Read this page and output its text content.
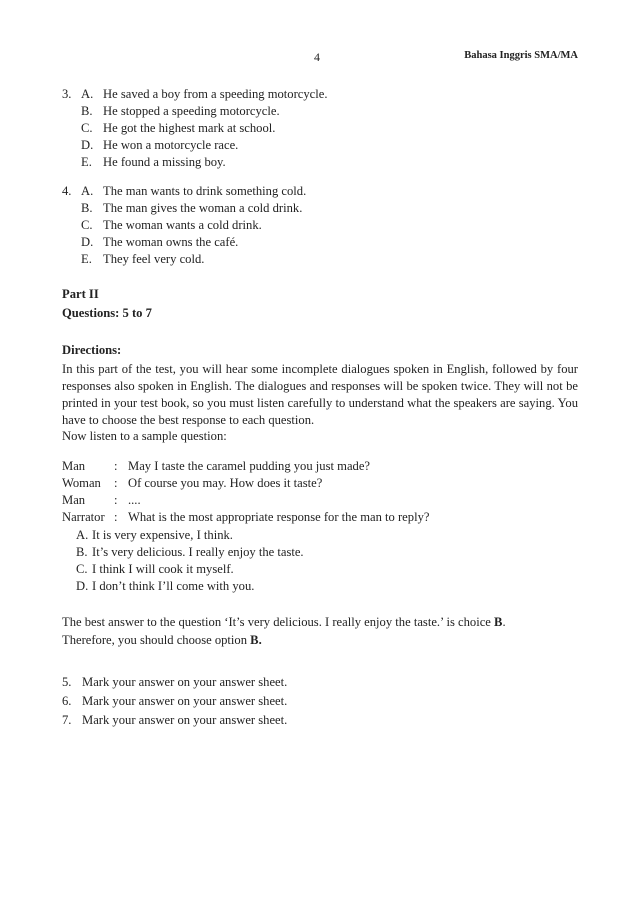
4	Bahasa Inggris SMA/MA
3. A. He saved a boy from a speeding motorcycle.
B. He stopped a speeding motorcycle.
C. He got the highest mark at school.
D. He won a motorcycle race.
E. He found a missing boy.
4. A. The man wants to drink something cold.
B. The man gives the woman a cold drink.
C. The woman wants a cold drink.
D. The woman owns the café.
E. They feel very cold.
Part II
Questions: 5 to 7
Directions:
In this part of the test, you will hear some incomplete dialogues spoken in English, followed by four responses also spoken in English. The dialogues and responses will be spoken twice. They will not be printed in your test book, so you must listen carefully to understand what the speakers are saying. You have to choose the best response to each question.
Now listen to a sample question:
Man : May I taste the caramel pudding you just made?
Woman : Of course you may. How does it taste?
Man : ....
Narrator : What is the most appropriate response for the man to reply?
A. It is very expensive, I think.
B. It’s very delicious. I really enjoy the taste.
C. I think I will cook it myself.
D. I don’t think I’ll come with you.
The best answer to the question ‘It’s very delicious. I really enjoy the taste.’ is choice B.
Therefore, you should choose option B.
5. Mark your answer on your answer sheet.
6. Mark your answer on your answer sheet.
7. Mark your answer on your answer sheet.
